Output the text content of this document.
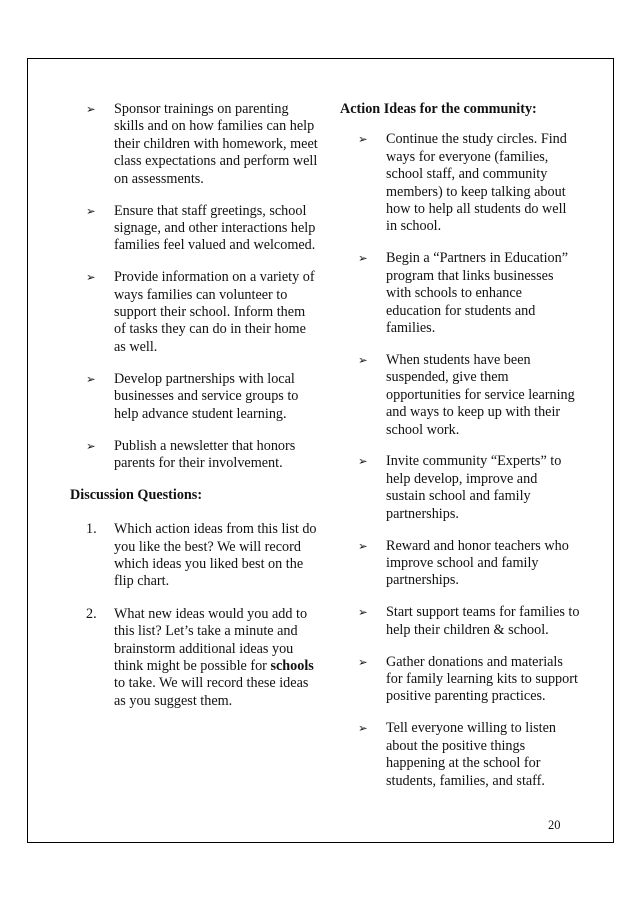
➢	Sponsor trainings on parenting skills and on how families can help their children with homework, meet class expectations and perform well on assessments.
➢	Ensure that staff greetings, school signage, and other interactions help families feel valued and welcomed.
➢	Provide information on a variety of ways families can volunteer to support their school. Inform them of tasks they can do in their home as well.
➢	Develop partnerships with local businesses and service groups to help advance student learning.
➢	Publish a newsletter that honors parents for their involvement.
Discussion Questions:
1. Which action ideas from this list do you like the best? We will record which ideas you liked best on the flip chart.
2. What new ideas would you add to this list? Let’s take a minute and brainstorm additional ideas you think might be possible for schools to take. We will record these ideas as you suggest them.
Action Ideas for the community:
➢	Continue the study circles. Find ways for everyone (families, school staff, and community members) to keep talking about how to help all students do well in school.
➢	Begin a “Partners in Education” program that links businesses with schools to enhance education for students and families.
➢	When students have been suspended, give them opportunities for service learning and ways to keep up with their school work.
➢	Invite community “Experts” to help develop, improve and sustain school and family partnerships.
➢	Reward and honor teachers who improve school and family partnerships.
➢	Start support teams for families to help their children & school.
➢	Gather donations and materials for family learning kits to support positive parenting practices.
➢	Tell everyone willing to listen about the positive things happening at the school for students, families, and staff.
20
